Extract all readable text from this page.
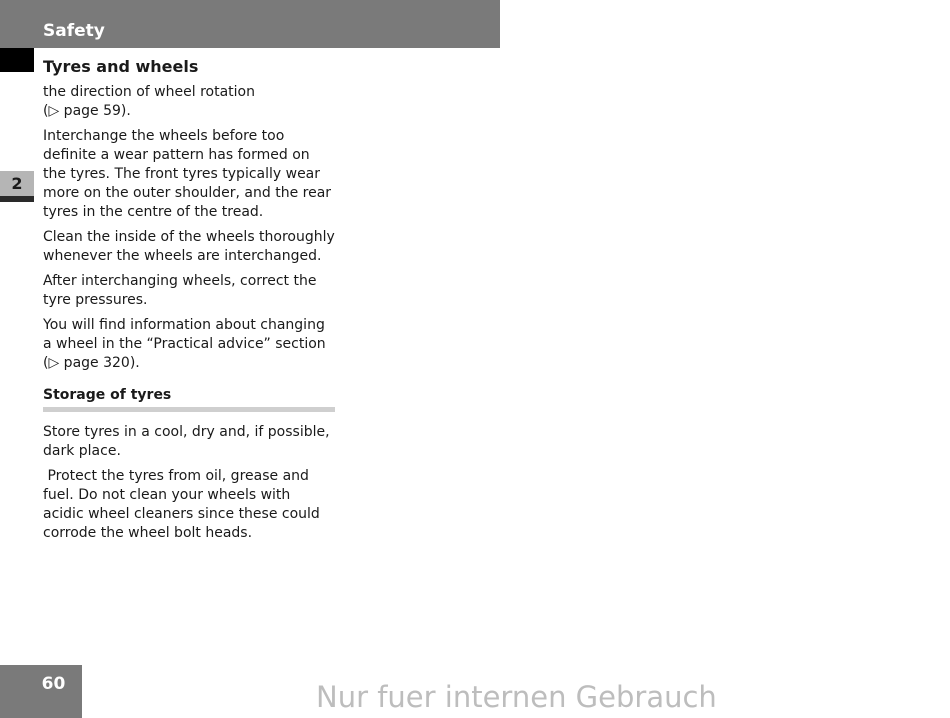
Safety
2
Tyres and wheels
the direction of wheel rotation
(▷ page 59).
Interchange the wheels before too definite a wear pattern has formed on the tyres. The front tyres typically wear more on the outer shoulder, and the rear tyres in the centre of the tread.
Clean the inside of the wheels thoroughly whenever the wheels are interchanged.
After interchanging wheels, correct the tyre pressures.
You will find information about changing a wheel in the “Practical advice” section (▷ page 320).
Storage of tyres
Store tyres in a cool, dry and, if possible, dark place.
Protect the tyres from oil, grease and fuel. Do not clean your wheels with acidic wheel cleaners since these could corrode the wheel bolt heads.
60	Nur fuer internen Gebrauch
